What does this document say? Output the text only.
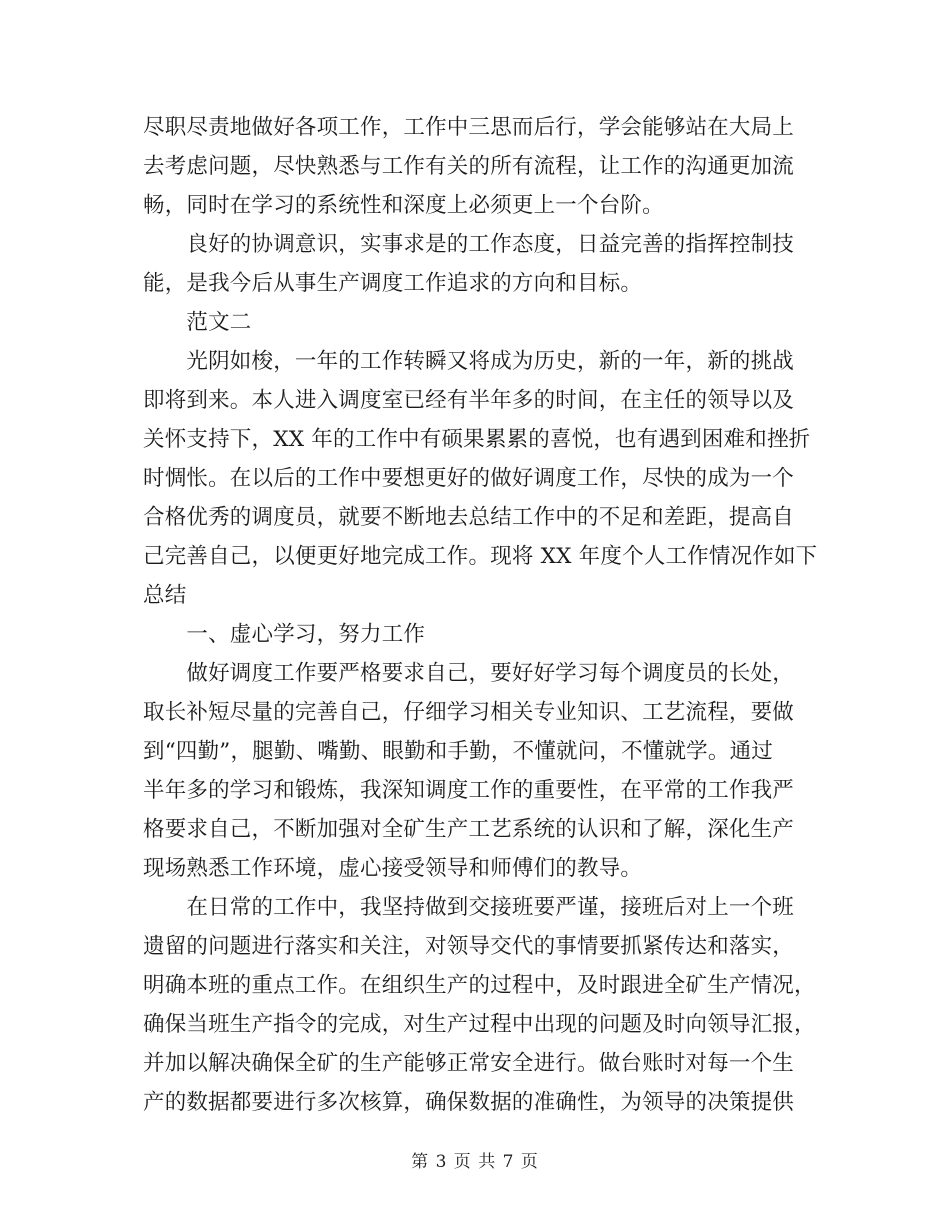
尽职尽责地做好各项工作，工作中三思而后行，学会能够站在大局上
去考虑问题，尽快熟悉与工作有关的所有流程，让工作的沟通更加流
畅，同时在学习的系统性和深度上必须更上一个台阶。
　　良好的协调意识，实事求是的工作态度，日益完善的指挥控制技
能，是我今后从事生产调度工作追求的方向和目标。
　　范文二
　　光阴如梭，一年的工作转瞬又将成为历史，新的一年，新的挑战
即将到来。本人进入调度室已经有半年多的时间，在主任的领导以及
关怀支持下，XX 年的工作中有硕果累累的喜悦，也有遇到困难和挫折
时惆怅。在以后的工作中要想更好的做好调度工作，尽快的成为一个
合格优秀的调度员，就要不断地去总结工作中的不足和差距，提高自
己完善自己，以便更好地完成工作。现将 XX 年度个人工作情况作如下
总结
　　一、虚心学习，努力工作
　　做好调度工作要严格要求自己，要好好学习每个调度员的长处，
取长补短尽量的完善自己，仔细学习相关专业知识、工艺流程，要做
到“四勤”，腿勤、嘴勤、眼勤和手勤，不懂就问，不懂就学。通过
半年多的学习和锻炼，我深知调度工作的重要性，在平常的工作我严
格要求自己，不断加强对全矿生产工艺系统的认识和了解，深化生产
现场熟悉工作环境，虚心接受领导和师傅们的教导。
　　在日常的工作中，我坚持做到交接班要严谨，接班后对上一个班
遗留的问题进行落实和关注，对领导交代的事情要抓紧传达和落实，
明确本班的重点工作。在组织生产的过程中，及时跟进全矿生产情况，
确保当班生产指令的完成，对生产过程中出现的问题及时向领导汇报，
并加以解决确保全矿的生产能够正常安全进行。做台账时对每一个生
产的数据都要进行多次核算，确保数据的准确性，为领导的决策提供
第 3 页 共 7 页
